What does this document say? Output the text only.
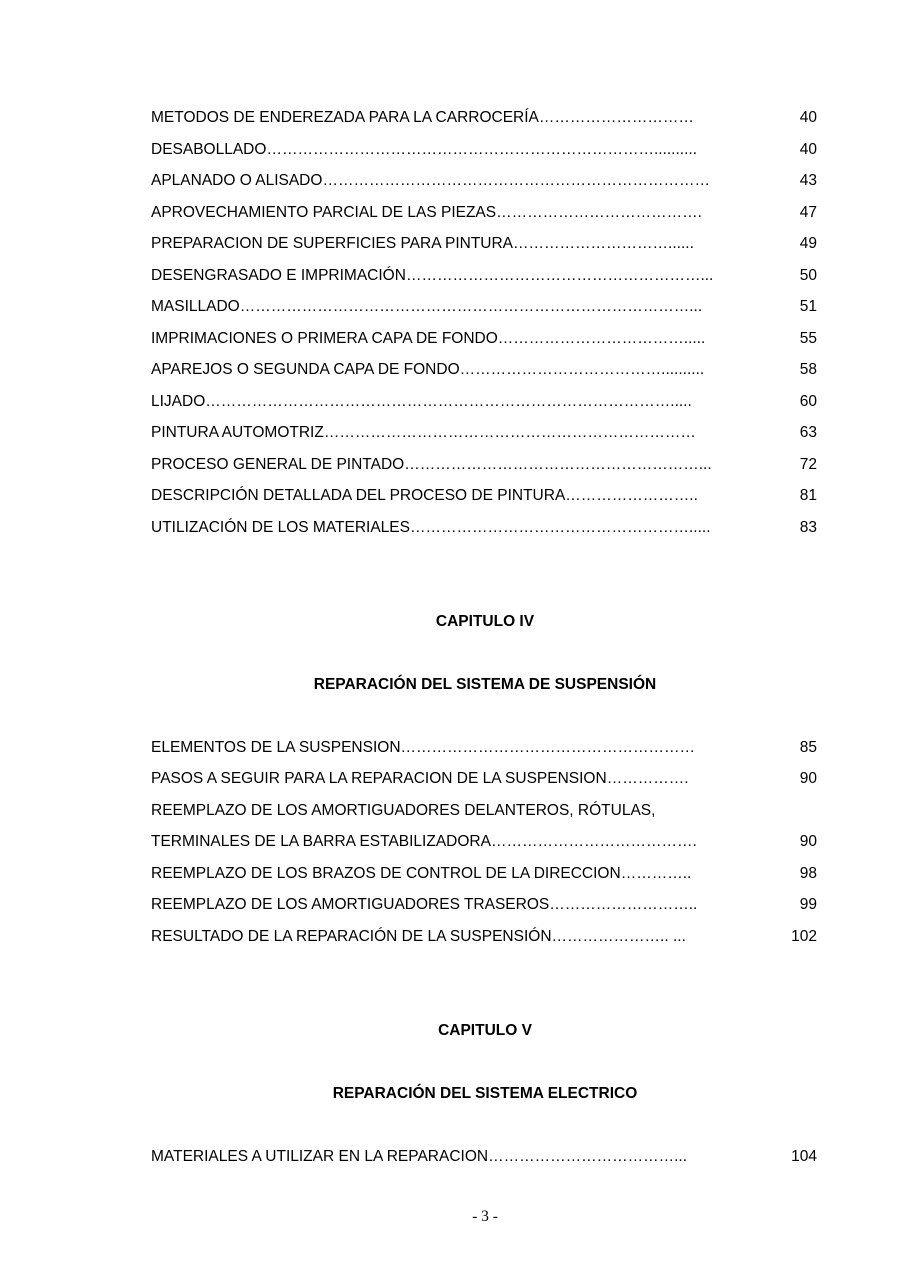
METODOS DE ENDEREZADA PARA LA CARROCERÍA …………………………	40
DESABOLLADO …………………………………………………………………..........	40
APLANADO O ALISADO …………………………………………………………………	43
APROVECHAMIENTO PARCIAL DE LAS PIEZAS ………………………………….	47
PREPARACION DE SUPERFICIES PARA PINTURA …………………………......	49
DESENGRASADO E IMPRIMACIÓN …………………………………………………...	50
MASILLADO ……………………………………………………………………………...	51
IMPRIMACIONES O PRIMERA CAPA DE FONDO ……………………………….....	55
APAREJOS O SEGUNDA CAPA DE FONDO …………………………………..........	58
LIJADO ……………………………………………………………………………….....	60
PINTURA AUTOMOTRIZ ………………………………………………………………	63
PROCESO GENERAL DE PINTADO …………………………………………………...	72
DESCRIPCIÓN DETALLADA DEL PROCESO DE PINTURA ……………………..	81
UTILIZACIÓN DE LOS MATERIALES ……………………………………………….....	83
CAPITULO IV
REPARACIÓN DEL SISTEMA DE SUSPENSIÓN
ELEMENTOS DE LA SUSPENSION …………………………………………………	85
PASOS A SEGUIR PARA LA REPARACION DE LA SUSPENSION …………….	90
REEMPLAZO DE LOS AMORTIGUADORES DELANTEROS, RÓTULAS,
TERMINALES DE LA BARRA ESTABILIZADORA ………………………………….	90
REEMPLAZO DE LOS BRAZOS DE CONTROL DE LA DIRECCION …………..	98
REEMPLAZO DE LOS AMORTIGUADORES TRASEROS ………………………..	99
RESULTADO DE LA REPARACIÓN DE LA SUSPENSIÓN ………………….. ...	102
CAPITULO V
REPARACIÓN DEL SISTEMA ELECTRICO
MATERIALES A UTILIZAR EN LA REPARACION ………………………………...	104
- 3 -
